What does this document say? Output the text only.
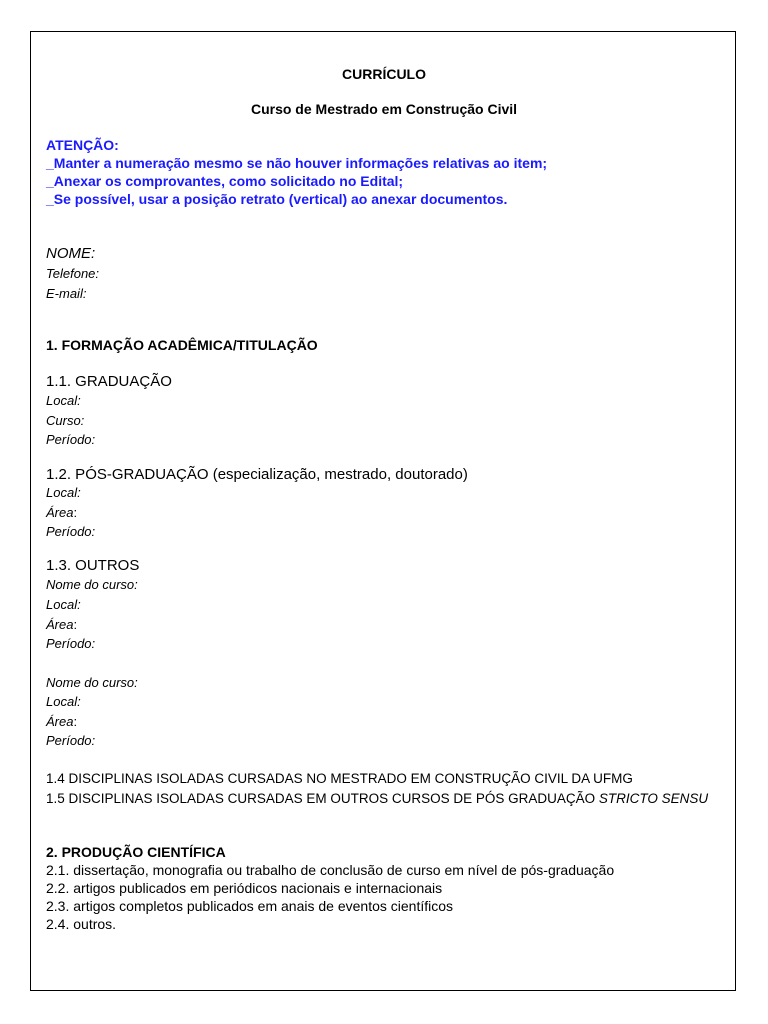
CURRÍCULO
Curso de Mestrado em Construção Civil
ATENÇÃO:
_Manter a numeração mesmo se não houver informações relativas ao item;
_Anexar os comprovantes, como solicitado no Edital;
_Se possível, usar a posição retrato (vertical) ao anexar documentos.
NOME:
Telefone:
E-mail:
1. FORMAÇÃO ACADÊMICA/TITULAÇÃO
1.1. GRADUAÇÃO
Local:
Curso:
Período:
1.2. PÓS-GRADUAÇÃO (especialização, mestrado, doutorado)
Local:
Área:
Período:
1.3. OUTROS
Nome do curso:
Local:
Área:
Período:
Nome do curso:
Local:
Área:
Período:
1.4 DISCIPLINAS ISOLADAS CURSADAS NO MESTRADO EM CONSTRUÇÃO CIVIL DA UFMG
1.5 DISCIPLINAS ISOLADAS CURSADAS EM OUTROS CURSOS DE PÓS GRADUAÇÃO STRICTO SENSU
2. PRODUÇÃO CIENTÍFICA
2.1. dissertação, monografia ou trabalho de conclusão de curso em nível de pós-graduação
2.2. artigos publicados em periódicos nacionais e internacionais
2.3. artigos completos publicados em anais de eventos científicos
2.4. outros.
